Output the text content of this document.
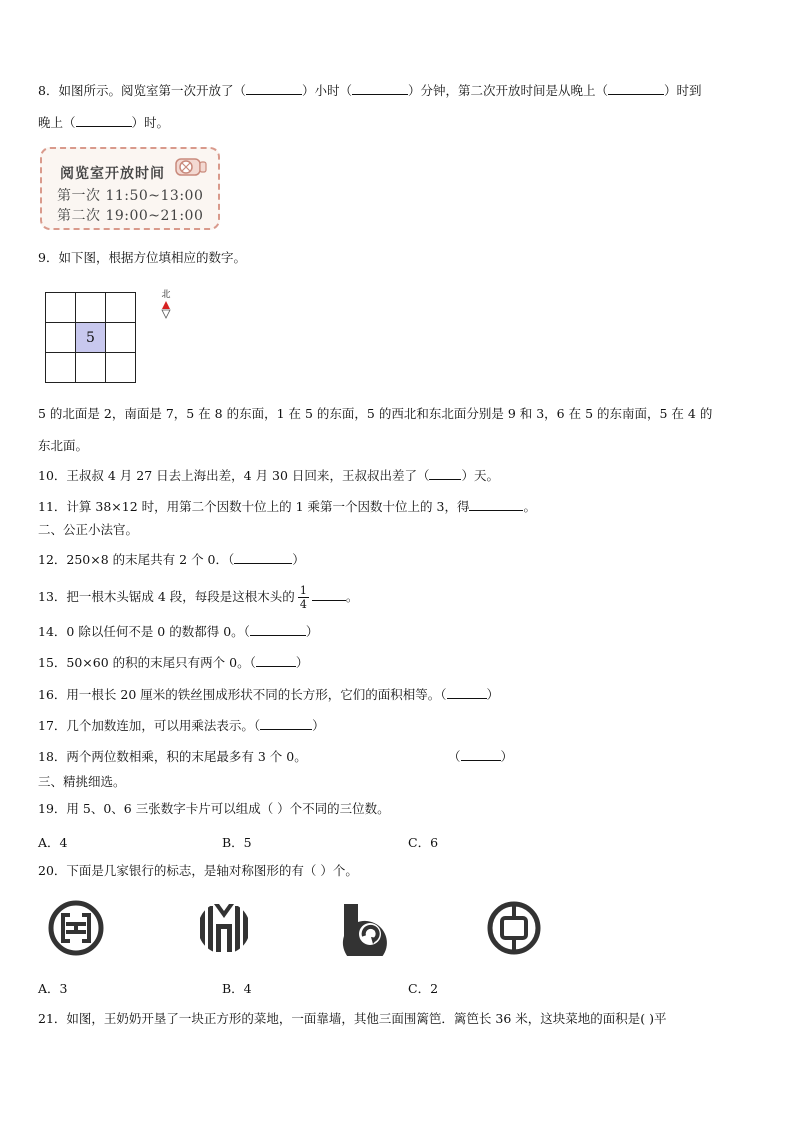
8．如图所示。阅览室第一次开放了（	）小时（	）分钟，第二次开放时间是从晚上（	）时到
晚上（	）时。
阅览室开放时间
第一次 11:50~13:00
第二次 19:00~21:00
9．如下图，根据方位填相应的数字。

	5	

北
5 的北面是 2，南面是 7，5 在 8 的东面，1 在 5 的东面，5 的西北和东北面分别是 9 和 3，6 在 5 的东南面，5 在 4 的
东北面。
10．王叔叔 4 月 27 日去上海出差，4 月 30 日回来，王叔叔出差了（	）天。
11．计算 38×12 时，用第二个因数十位上的 1 乘第一个因数十位上的 3，得	。
二、公正小法官。
12．250×8 的末尾共有 2 个 0．（	）
13．把一根木头锯成 4 段，每段是这根木头的 $\frac{1}{4}$	。
14．0 除以任何不是 0 的数都得 0。（	）
15．50×60 的积的末尾只有两个 0。（	）
16．用一根长 20 厘米的铁丝围成形状不同的长方形，它们的面积相等。（	）
17．几个加数连加，可以用乘法表示。（	）
18．两个两位数相乘，积的末尾最多有 3 个 0。	（	）
三、精挑细选。
19．用 5、0、6 三张数字卡片可以组成（ ）个不同的三位数。
A．4	B．5	C．6
20．下面是几家银行的标志，是轴对称图形的有（ ）个。
A．3	B．4	C．2
21．如图，王奶奶开垦了一块正方形的菜地，一面靠墙，其他三面围篱笆．篱笆长 36 米，这块菜地的面积是( )平
